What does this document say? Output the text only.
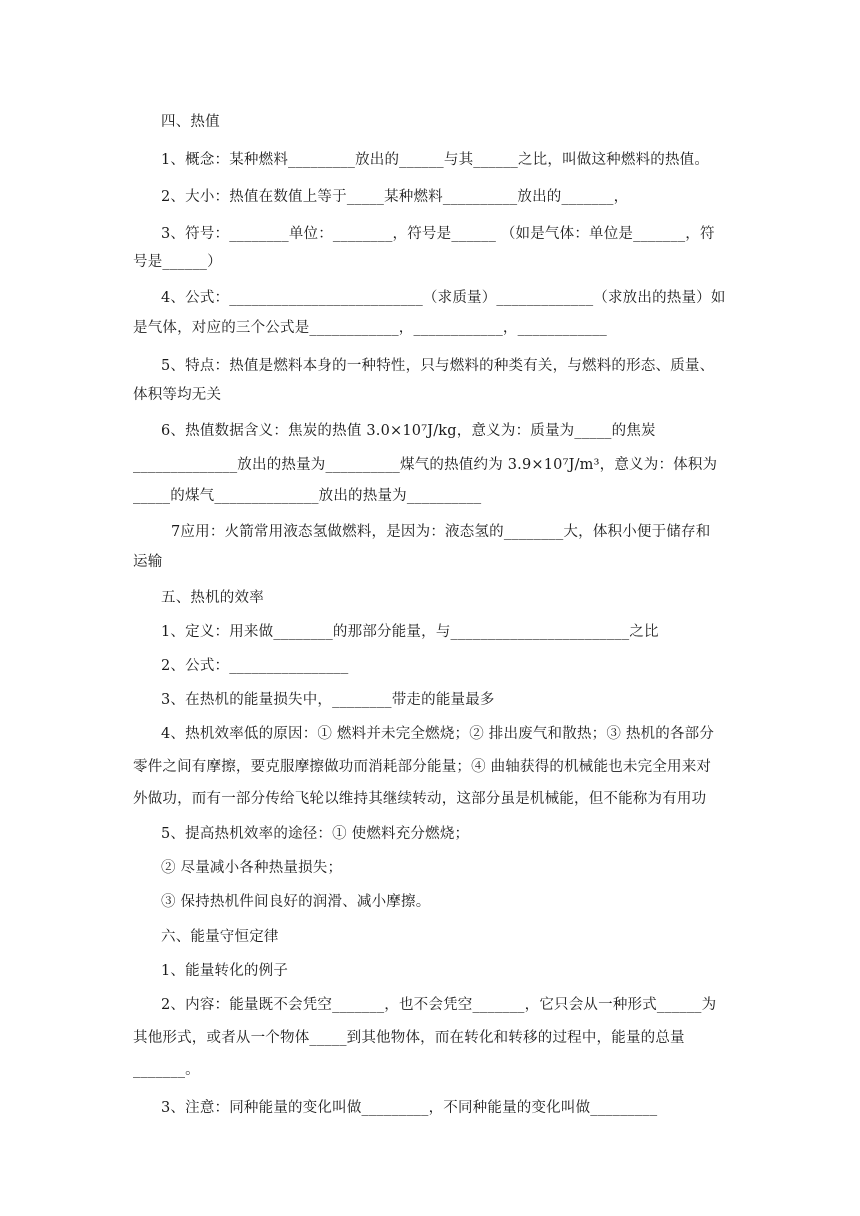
四、热值
1、概念：某种燃料_________放出的______与其______之比，叫做这种燃料的热值。
2、大小：热值在数值上等于_____某种燃料__________放出的_______，
3、符号：________单位：________，符号是______ （如是气体：单位是_______，符
号是______）
4、公式：__________________________（求质量）_____________（求放出的热量）如
是气体，对应的三个公式是____________，____________，____________
5、特点：热值是燃料本身的一种特性，只与燃料的种类有关，与燃料的形态、质量、
体积等均无关
6、热值数据含义：焦炭的热值 3.0×10⁷J/kg，意义为：质量为_____的焦炭
______________放出的热量为__________煤气的热值约为 3.9×10⁷J/m³，意义为：体积为
_____的煤气______________放出的热量为__________
7应用：火箭常用液态氢做燃料，是因为：液态氢的________大，体积小便于储存和
运输
五、热机的效率
1、定义：用来做________的那部分能量，与________________________之比
2、公式：________________
3、在热机的能量损失中，________带走的能量最多
4、热机效率低的原因：① 燃料并未完全燃烧；② 排出废气和散热；③ 热机的各部分
零件之间有摩擦，要克服摩擦做功而消耗部分能量；④ 曲轴获得的机械能也未完全用来对
外做功，而有一部分传给飞轮以维持其继续转动，这部分虽是机械能，但不能称为有用功
5、提高热机效率的途径：① 使燃料充分燃烧；
② 尽量减小各种热量损失；
③ 保持热机件间良好的润滑、减小摩擦。
六、能量守恒定律
1、能量转化的例子
2、内容：能量既不会凭空_______，也不会凭空_______，它只会从一种形式______为
其他形式，或者从一个物体_____到其他物体，而在转化和转移的过程中，能量的总量
_______。
3、注意：同种能量的变化叫做_________，不同种能量的变化叫做_________
